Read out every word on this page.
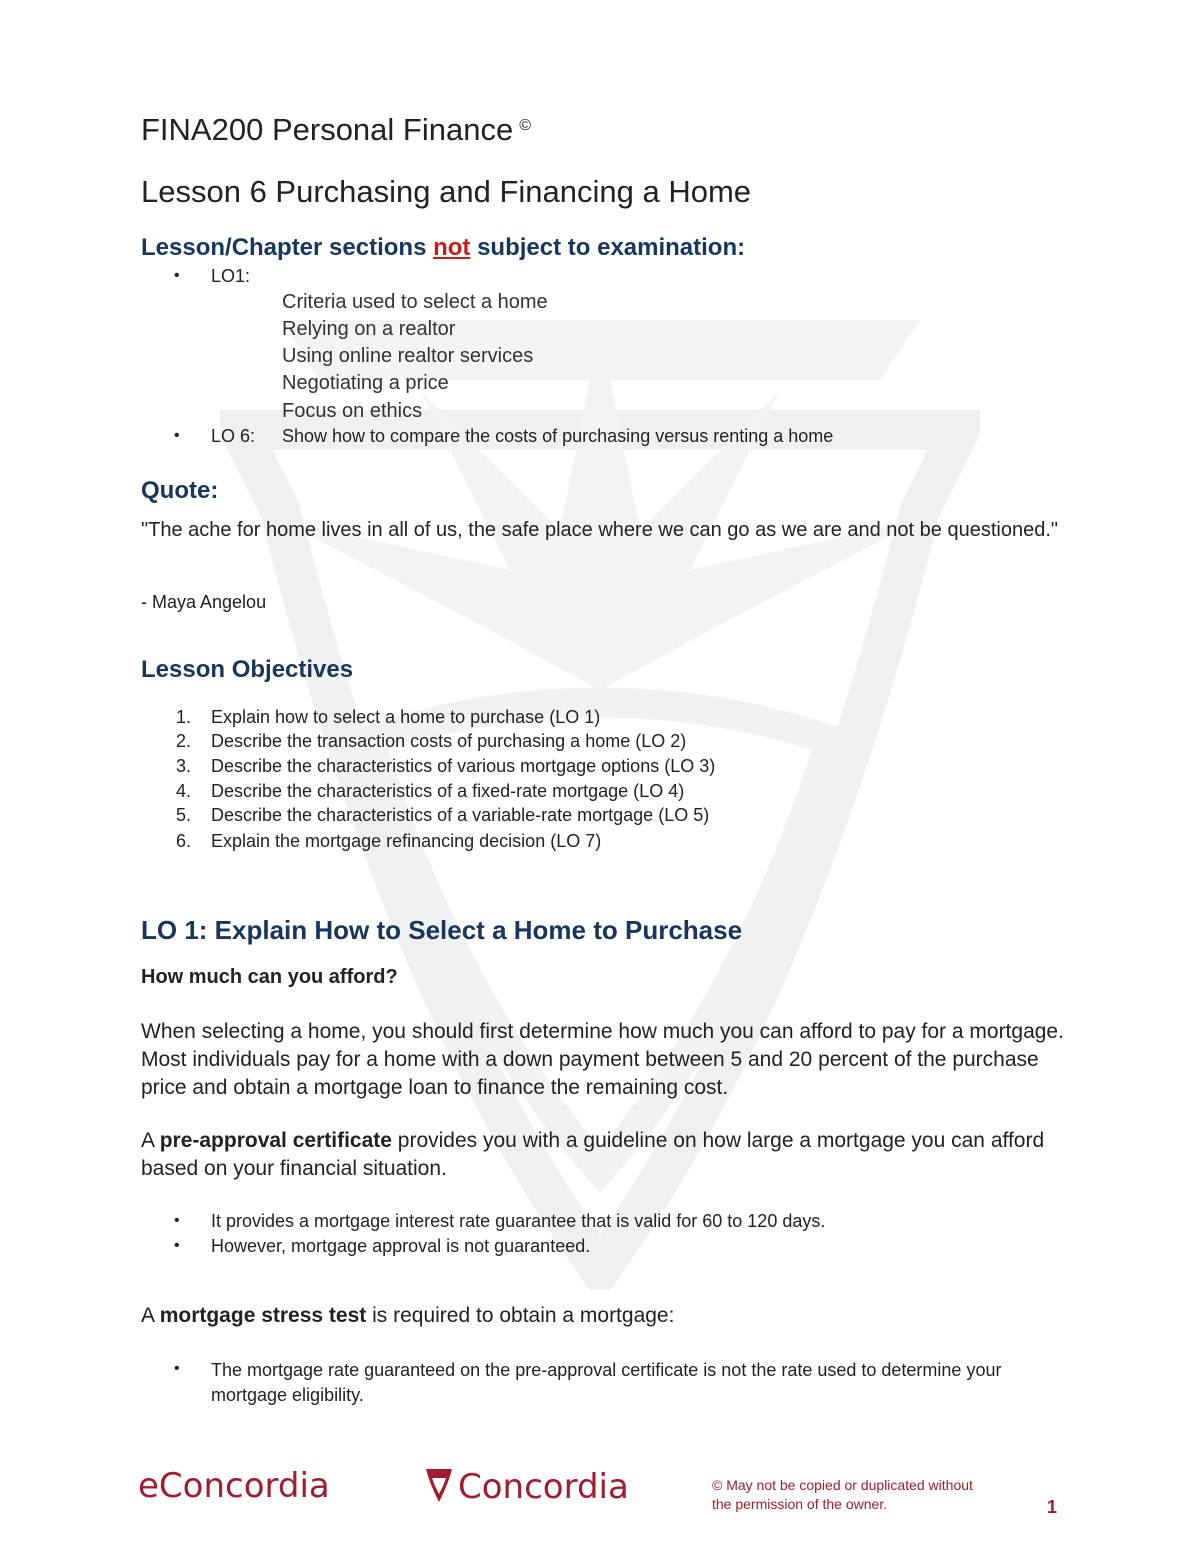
FINA200 Personal Finance ©
Lesson 6 Purchasing and Financing a Home
Lesson/Chapter sections not subject to examination:
• LO1:
Criteria used to select a home
Relying on a realtor
Using online realtor services
Negotiating a price
Focus on ethics
• LO 6: Show how to compare the costs of purchasing versus renting a home
Quote:
"The ache for home lives in all of us, the safe place where we can go as we are and not be questioned."
- Maya Angelou
Lesson Objectives
1. Explain how to select a home to purchase (LO 1)
2. Describe the transaction costs of purchasing a home (LO 2)
3. Describe the characteristics of various mortgage options (LO 3)
4. Describe the characteristics of a fixed-rate mortgage (LO 4)
5. Describe the characteristics of a variable-rate mortgage (LO 5)
6. Explain the mortgage refinancing decision (LO 7)
LO 1: Explain How to Select a Home to Purchase
How much can you afford?
When selecting a home, you should first determine how much you can afford to pay for a mortgage. Most individuals pay for a home with a down payment between 5 and 20 percent of the purchase price and obtain a mortgage loan to finance the remaining cost.
A pre-approval certificate provides you with a guideline on how large a mortgage you can afford based on your financial situation.
• It provides a mortgage interest rate guarantee that is valid for 60 to 120 days.
• However, mortgage approval is not guaranteed.
A mortgage stress test is required to obtain a mortgage:
• The mortgage rate guaranteed on the pre-approval certificate is not the rate used to determine your mortgage eligibility.
eConcordia	Concordia	© May not be copied or duplicated without the permission of the owner.	1
